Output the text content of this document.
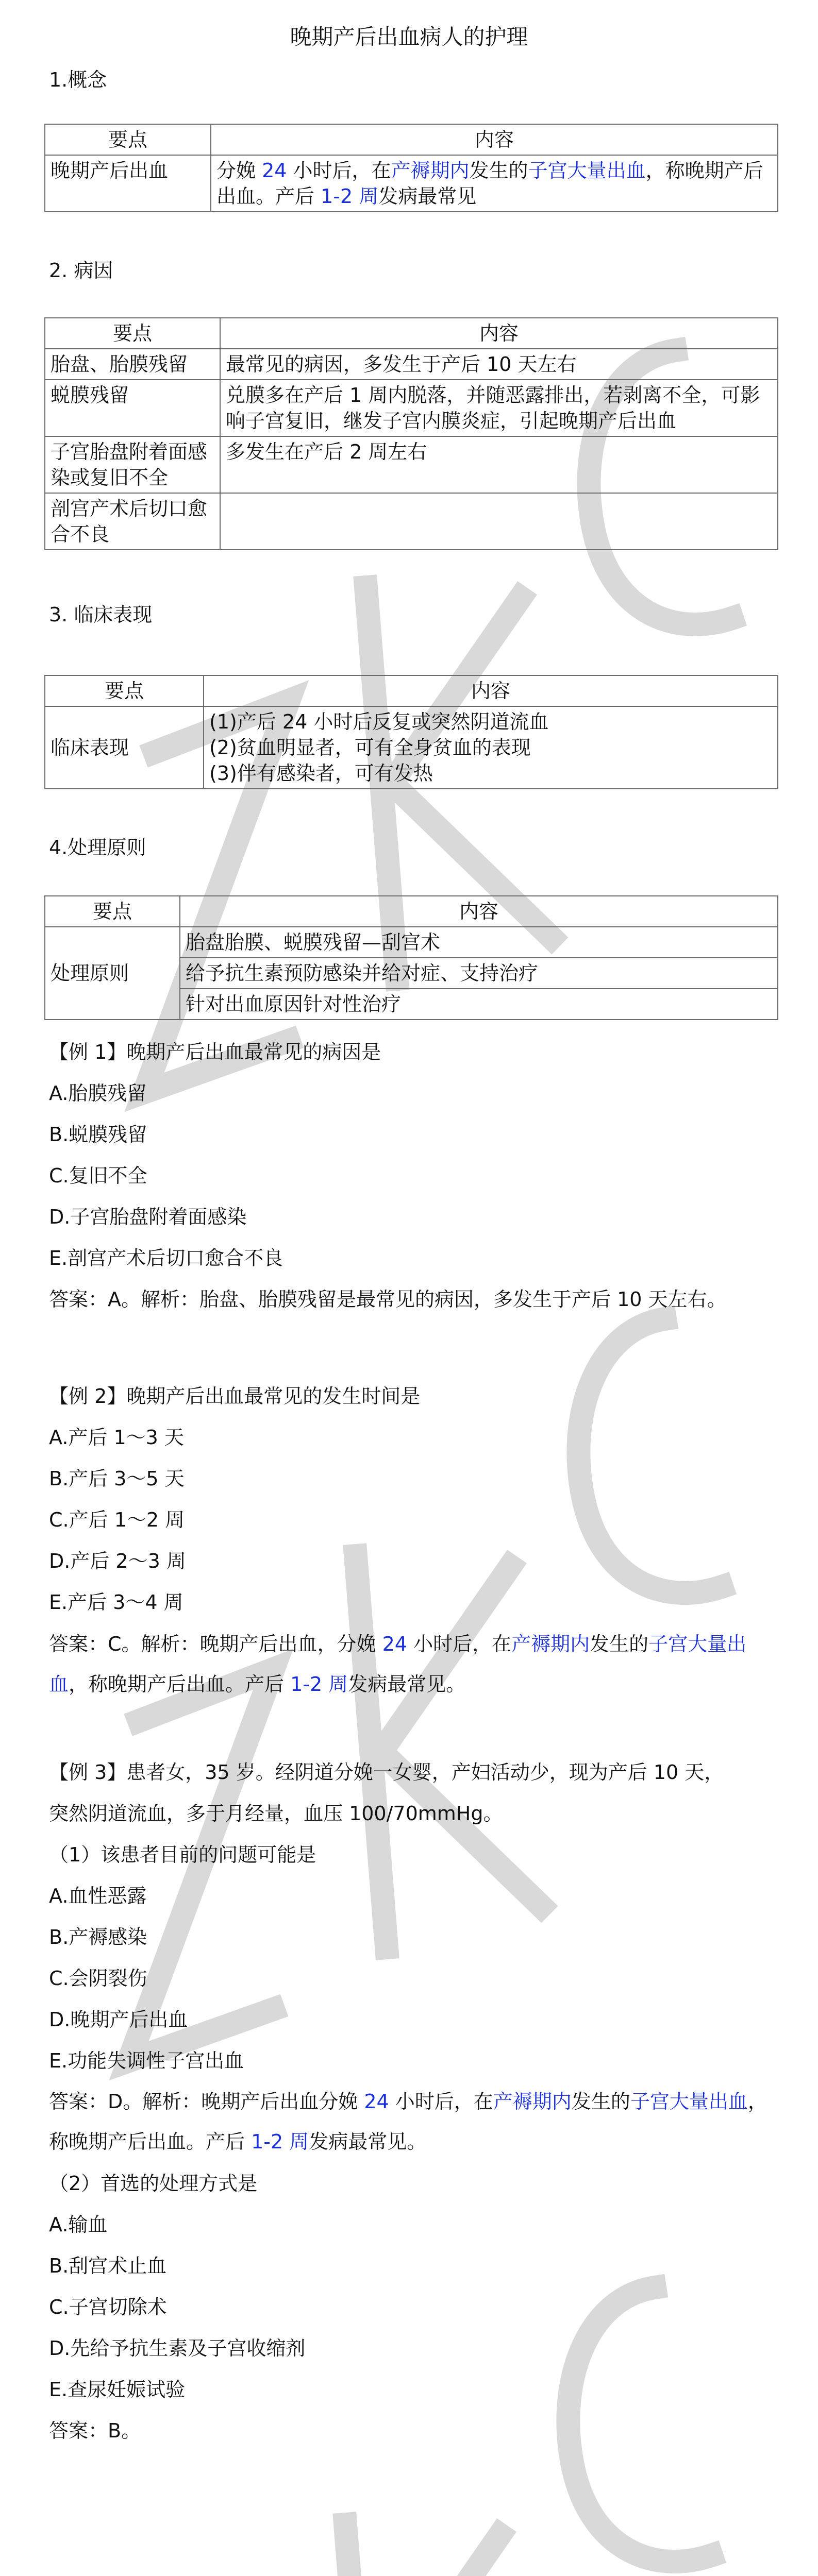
晚期产后出血病人的护理
1.概念
要点	内容
晚期产后出血	分娩 24 小时后，在产褥期内发生的子宫大量出血，称晚期产后出血。产后 1-2 周发病最常见
2. 病因
要点	内容
胎盘、胎膜残留	最常见的病因，多发生于产后 10 天左右
蜕膜残留	兑膜多在产后 1 周内脱落，并随恶露排出，若剥离不全，可影响子宫复旧，继发子宫内膜炎症，引起晚期产后出血
子宫胎盘附着面感染或复旧不全	多发生在产后 2 周左右
剖宫产术后切口愈合不良	
3. 临床表现
要点	内容
临床表现	(1)产后 24 小时后反复或突然阴道流血
(2)贫血明显者，可有全身贫血的表现
(3)伴有感染者，可有发热
4.处理原则
要点	内容
处理原则	胎盘胎膜、蜕膜残留—刮宫术
	给予抗生素预防感染并给对症、支持治疗
	针对出血原因针对性治疗
【例 1】晚期产后出血最常见的病因是
A.胎膜残留
B.蜕膜残留
C.复旧不全
D.子宫胎盘附着面感染
E.剖宫产术后切口愈合不良
答案：A。解析：胎盘、胎膜残留是最常见的病因，多发生于产后 10 天左右。
【例 2】晚期产后出血最常见的发生时间是
A.产后 1～3 天
B.产后 3～5 天
C.产后 1～2 周
D.产后 2～3 周
E.产后 3～4 周
答案：C。解析：晚期产后出血，分娩 24 小时后，在产褥期内发生的子宫大量出血，称晚期产后出血。产后 1-2 周发病最常见。
【例 3】患者女，35 岁。经阴道分娩一女婴，产妇活动少，现为产后 10 天，
突然阴道流血，多于月经量，血压 100/70mmHg。
（1）该患者目前的问题可能是
A.血性恶露
B.产褥感染
C.会阴裂伤
D.晚期产后出血
E.功能失调性子宫出血
答案：D。解析：晚期产后出血分娩 24 小时后，在产褥期内发生的子宫大量出血，称晚期产后出血。产后 1-2 周发病最常见。
（2）首选的处理方式是
A.输血
B.刮宫术止血
C.子宫切除术
D.先给予抗生素及子宫收缩剂
E.查尿妊娠试验
答案：B。
